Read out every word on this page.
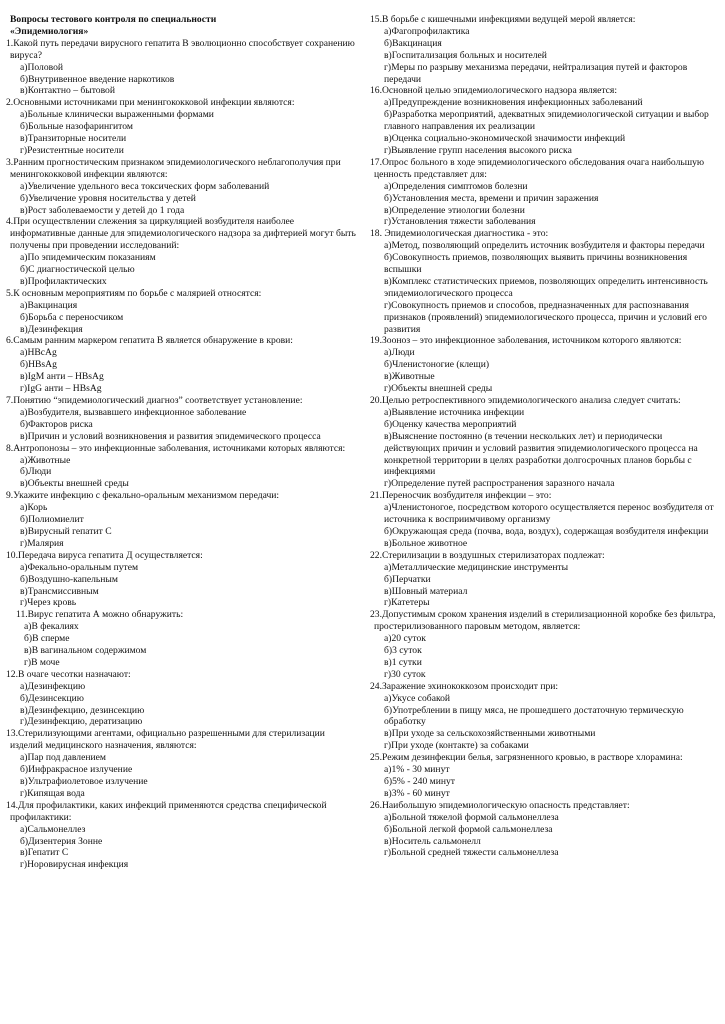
Вопросы тестового контроля по специальности
«Эпидемиология»

1.Какой путь передачи вирусного гепатита В эволюционно способствует сохранению вируса?
а)Половой
б)Внутривенное введение наркотиков
в)Контактно – бытовой
2.Основными источниками при менингококковой инфекции являются:
а)Больные клинически выраженными формами
б)Больные назофарингитом
в)Транзиторные носители
г)Резистентные носители
3.Ранним прогностическим признаком эпидемиологического неблагополучия при менингококковой инфекции являются:
а)Увеличение удельного веса токсических форм заболеваний
б)Увеличение уровня носительства у детей
в)Рост заболеваемости у детей до 1 года
4.При осуществлении слежения за циркуляцией возбудителя наиболее информативные данные для эпидемиологического надзора за дифтерией могут быть получены при проведении исследований:
а)По эпидемическим показаниям
б)С диагностической целью
в)Профилактических
5.К основным мероприятиям по борьбе с малярией относятся:
а)Вакцинация
б)Борьба с переносчиком
в)Дезинфекция
6.Самым ранним маркером гепатита В является обнаружение в крови:
а)HBcAg
б)HBsAg
в)IgM анти – HBsAg
г)IgG анти – HBsAg
7.Понятию “эпидемиологический диагноз” соответствует установление:
а)Возбудителя, вызвавшего инфекционное заболевание
б)Факторов риска
в)Причин и условий возникновения и развития эпидемического процесса
8.Антропонозы – это инфекционные заболевания, источниками которых являются:
а)Животные
б)Люди
в)Объекты внешней среды
9.Укажите инфекцию с фекально-оральным механизмом передачи:
а)Корь
б)Полиомиелит
в)Вирусный гепатит С
г)Малярия
10.Передача вируса гепатита Д осуществляется:
а)Фекально-оральным путем
б)Воздушно-капельным
в)Трансмиссивным
г)Через кровь
11.Вирус гепатита А можно обнаружить:
а)В фекалиях
б)В сперме
в)В вагинальном содержимом
г)В моче
12.В очаге чесотки назначают:
а)Дезинфекцию
б)Дезинсекцию
в)Дезинфекцию, дезинсекцию
г)Дезинфекцию, дератизацию
13.Стерилизующими агентами, официально разрешенными для стерилизации изделий медицинского назначения, являются:
а)Пар под давлением
б)Инфракрасное излучение
в)Ультрафиолетовое излучение
г)Кипящая вода
14.Для профилактики, каких инфекций применяются средства специфической профилактики:
а)Сальмонеллез
б)Дизентерия Зонне
в)Гепатит С
г)Норовирусная инфекция
15.В борьбе с кишечными инфекциями ведущей мерой является:
а)Фагопрофилактика
б)Вакцинация
в)Госпитализация больных и носителей
г)Меры по разрыву механизма передачи, нейтрализация путей и факторов передачи
16.Основной целью эпидемиологического надзора является:
а)Предупреждение возникновения инфекционных заболеваний
б)Разработка мероприятий, адекватных эпидемиологической ситуации и выбор главного направления их реализации
в)Оценка социально-экономической значимости инфекций
г)Выявление групп населения высокого риска
17.Опрос больного в ходе эпидемиологического обследования очага наибольшую ценность представляет для:
а)Определения симптомов болезни
б)Установления места, времени и причин заражения
в)Определение этиологии болезни
г)Установления тяжести заболевания
18. Эпидемиологическая диагностика - это:
а)Метод, позволяющий определить источник возбудителя и факторы передачи
б)Совокупность приемов, позволяющих выявить причины возникновения вспышки
в)Комплекс статистических приемов, позволяющих определить интенсивность эпидемиологического процесса
г)Совокупность приемов и способов, предназначенных для распознавания признаков (проявлений) эпидемиологического процесса, причин и условий его развития
19.Зооноз – это инфекционное заболевания, источником которого являются:
а)Люди
б)Членистоногие (клещи)
в)Животные
г)Объекты внешней среды
20.Целью ретроспективного эпидемиологического анализа следует считать:
а)Выявление источника инфекции
б)Оценку качества мероприятий
в)Выяснение постоянно (в течении нескольких лет) и периодически действующих причин и условий развития эпидемиологического процесса на конкретной территории в целях разработки долгосрочных планов борьбы с инфекциями
г)Определение путей распространения заразного начала
21.Переносчик возбудителя инфекции – это:
а)Членистоногое, посредством которого осуществляется перенос возбудителя от источника к восприимчивому организму
б)Окружающая среда (почва, вода, воздух), содержащая возбудителя инфекции
в)Больное животное
22.Стерилизации в воздушных стерилизаторах подлежат:
а)Металлические медицинские инструменты
б)Перчатки
в)Шовный материал
г)Катетеры
23.Допустимым сроком хранения изделий в стерилизационной коробке без фильтра, простерилизованного паровым методом, является:
а)20 суток
б)3 суток
в)1 сутки
г)30 суток
24.Заражение эхинококкозом происходит при:
а)Укусе собакой
б)Употреблении в пищу мяса, не прошедшего достаточную термическую обработку
в)При уходе за сельскохозяйственными животными
г)При уходе (контакте) за собаками
25.Режим дезинфекции белья, загрязненного кровью, в растворе хлорамина:
а)1% - 30 минут
б)5% - 240 минут
в)3% - 60 минут
26.Наибольшую эпидемиологическую опасность представляет:
а)Больной тяжелой формой сальмонеллеза
б)Больной легкой формой сальмонеллеза
в)Носитель сальмонелл
г)Больной средней тяжести сальмонеллеза
